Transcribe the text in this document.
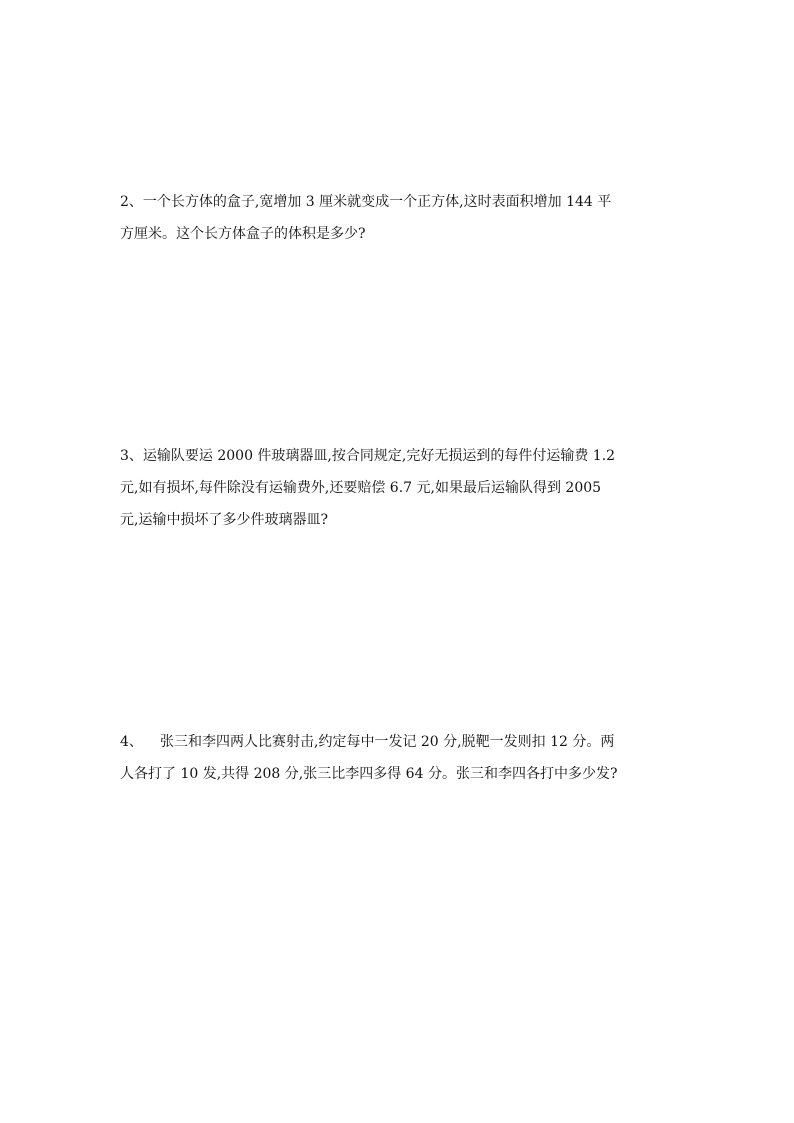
2、一个长方体的盒子,宽增加 3 厘米就变成一个正方体,这时表面积增加 144 平
方厘米。这个长方体盒子的体积是多少?
3、运输队要运 2000 件玻璃器皿,按合同规定,完好无损运到的每件付运输费 1.2
元,如有损坏,每件除没有运输费外,还要赔偿 6.7 元,如果最后运输队得到 2005
元,运输中损坏了多少件玻璃器皿?
4、 张三和李四两人比赛射击,约定每中一发记 20 分,脱靶一发则扣 12 分。两
人各打了 10 发,共得 208 分,张三比李四多得 64 分。张三和李四各打中多少发?
